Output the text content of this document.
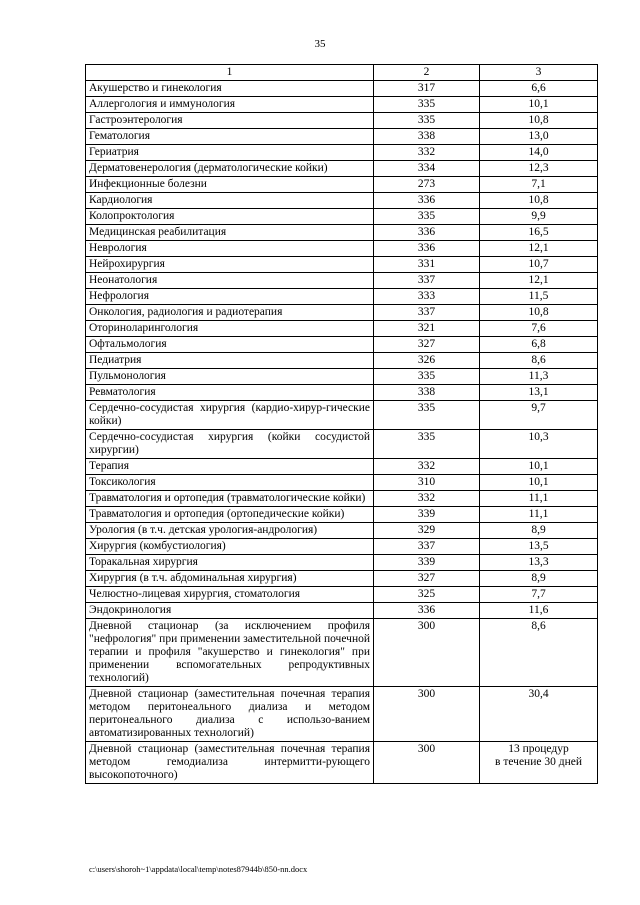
35
1	2	3
Акушерство и гинекология	317	6,6
Аллергология и иммунология	335	10,1
Гастроэнтерология	335	10,8
Гематология	338	13,0
Гериатрия	332	14,0
Дерматовенерология (дерматологические койки)	334	12,3
Инфекционные болезни	273	7,1
Кардиология	336	10,8
Колопроктология	335	9,9
Медицинская реабилитация	336	16,5
Неврология	336	12,1
Нейрохирургия	331	10,7
Неонатология	337	12,1
Нефрология	333	11,5
Онкология, радиология и радиотерапия	337	10,8
Оториноларингология	321	7,6
Офтальмология	327	6,8
Педиатрия	326	8,6
Пульмонология	335	11,3
Ревматология	338	13,1
Сердечно-сосудистая хирургия (кардио-хирур-гические койки)	335	9,7
Сердечно-сосудистая хирургия (койки сосудистой хирургии)	335	10,3
Терапия	332	10,1
Токсикология	310	10,1
Травматология и ортопедия (травматологические койки)	332	11,1
Травматология и ортопедия (ортопедические койки)	339	11,1
Урология (в т.ч. детская урология-андрология)	329	8,9
Хирургия (комбустиология)	337	13,5
Торакальная хирургия	339	13,3
Хирургия (в т.ч. абдоминальная хирургия)	327	8,9
Челюстно-лицевая хирургия, стоматология	325	7,7
Эндокринология	336	11,6
Дневной стационар (за исключением профиля "нефрология" при применении заместительной почечной терапии и профиля "акушерство и гинекология" при применении вспомогательных репродуктивных технологий)	300	8,6
Дневной стационар (заместительная почечная терапия методом перитонеального диализа и методом перитонеального диализа с использо-ванием автоматизированных технологий)	300	30,4
Дневной стационар (заместительная почечная терапия методом гемодиализа интермитти-рующего высокопоточного)	300	13 процедур
в течение 30 дней
c:\users\shoroh~1\appdata\local\temp\notes87944b\850-nn.docx
